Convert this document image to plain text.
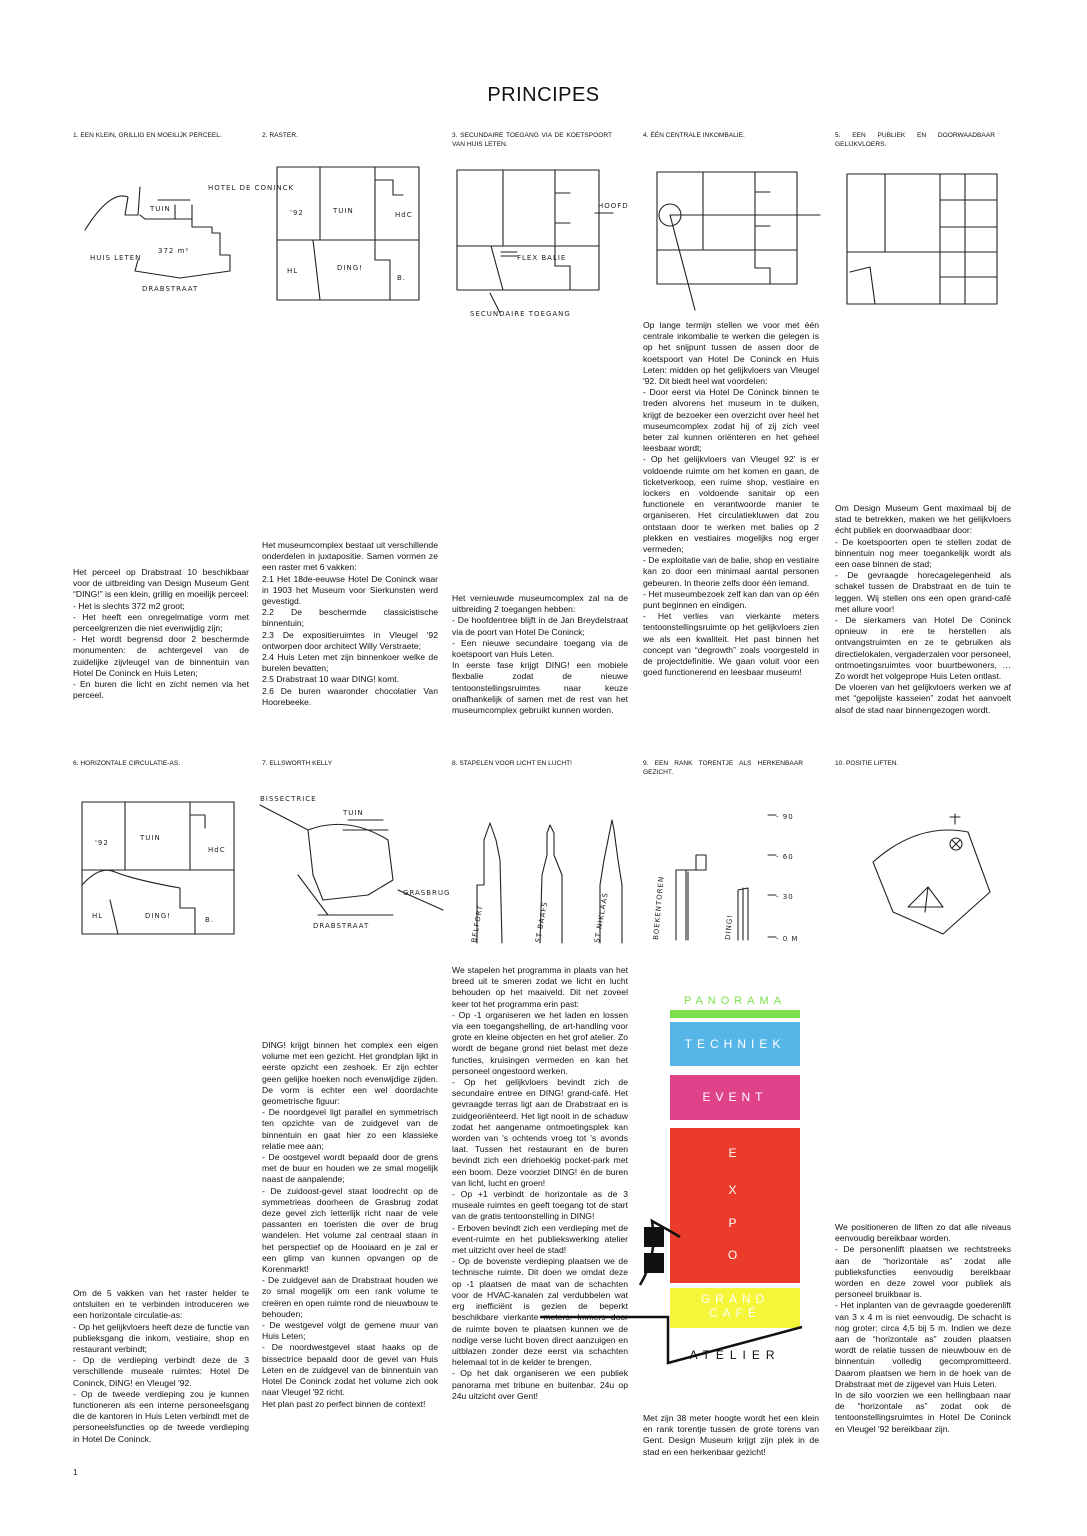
PRINCIPES
1. EEN KLEIN, GRILLIG EN MOEILIJK PERCEEL.	2. RASTER.	3. SECUNDAIRE TOEGANG VIA DE KOETSPOORT VAN HUIS LETEN.
4. ÉÉN CENTRALE INKOMBALIE.	5. EEN PUBLIEK EN DOORWAADBAAR GELIJKVLOERS.
TUIN
HOTEL DE CONINCK
HUIS LETEN
372 m²
DRABSTRAAT
'92	TUIN	HdC
HL	DING!
B.
HOOFD
FLEX BALIE
SECUNDAIRE TOEGANG

Het perceel op Drabstraat 10 beschikbaar voor de uitbreiding van Design Museum Gent “DING!” is een klein, grillig en moeilijk perceel:

- Het is slechts 372 m2 groot;

- Het heeft een onregelmatige vorm met perceelgrenzen die niet evenwijdig zijn;

- Het wordt begrensd door 2 beschermde monumenten: de achtergevel van de zuidelijke zijvleugel van de binnentuin van Hotel De Coninck en Huis Leten;

- En buren die licht en zicht nemen via het perceel.

Het museumcomplex bestaat uit verschillende onderdelen in juxtapositie. Samen vormen ze een raster met 6 vakken:

2.1 Het 18de-eeuwse Hotel De Coninck waar in 1903 het Museum voor Sierkunsten werd gevestigd.

2.2 De beschermde classicistische binnentuin;

2.3 De expositieruimtes in Vleugel '92 ontworpen door architect Willy Verstraete;

2.4 Huis Leten met zijn binnenkoer welke de burelen bevatten;

2.5 Drabstraat 10 waar DING! komt.

2.6 De buren waaronder chocolatier Van Hoorebeeke.

Het vernieuwde museumcomplex zal na de uitbreiding 2 toegangen hebben:

- De hoofdentree blijft in de Jan Breydelstraat via de poort van Hotel De Coninck;

- Een nieuwe secundaire toegang via de koetspoort van Huis Leten.

In eerste fase krijgt DING! een mobiele flexbalie zodat de nieuwe tentoonstellingsruimtes naar keuze onafhankelijk of samen met de rest van het museumcomplex gebruikt kunnen worden.

Op lange termijn stellen we voor met één centrale inkombalie te werken die gelegen is op het snijpunt tussen de assen door de koetspoort van Hotel De Coninck en Huis Leten: midden op het gelijkvloers van Vleugel '92. Dit biedt heel wat voordelen:

- Door eerst via Hotel De Coninck binnen te treden alvorens het museum in te duiken, krijgt de bezoeker een overzicht over heel het museumcomplex zodat hij of zij zich veel beter zal kunnen oriënteren en het geheel leesbaar wordt;

- Op het gelijkvloers van Vleugel 92' is er voldoende ruimte om het komen en gaan, de ticketverkoop, een ruime shop, vestiaire en lockers en voldoende sanitair op een functionele en verantwoorde manier te organiseren. Het circulatiekluwen dat zou ontstaan door te werken met balies op 2 plekken en vestiaires mogelijks nog erger vermeden;

- De exploitatie van de balie, shop en vestiaire kan zo door een minimaal aantal personen gebeuren. In theorie zelfs door één iemand.

- Het museumbezoek zelf kan dan van op één punt beginnen en eindigen.

- Het verlies van vierkante meters tentoonstellingsruimte op het gelijkvloers zien we als een kwaliteit. Het past binnen het concept van “degrowth” zoals voorgesteld in de projectdefinitie. We gaan voluit voor een goed functionerend en leesbaar museum!

Om Design Museum Gent maximaal bij de stad te betrekken, maken we het gelijkvloers écht publiek en doorwaadbaar door:

- De koetspoorten open te stellen zodat de binnentuin nog meer toegankelijk wordt als een oase binnen de stad;

- De gevraagde horecagelegenheid als schakel tussen de Drabstraat en de tuin te leggen. Wij stellen ons een open grand-café met allure voor!

- De sierkamers van Hotel De Coninck opnieuw in ere te herstellen als ontvangstruimten en ze te gebruiken als directielokalen, vergaderzalen voor personeel, ontmoetingsruimtes voor buurtbewoners, … Zo wordt het volgeprope Huis Leten ontlast.

De vloeren van het gelijkvloers werken we af met “gepolijste kasseien” zodat het aanvoelt alsof de stad naar binnengezogen wordt.

6. HORIZONTALE CIRCULATIE-AS.	7. ELLSWORTH KELLY	8. STAPELEN VOOR LICHT EN LUCHT!	9. EEN RANK TORENTJE ALS HERKENBAAR GEZICHT.
10. POSITIE LIFTEN.
'92
TUIN
HdC
HL	DING!	B.
BISSECTRICE
TUIN
GRASBRUG
DRABSTRAAT	BELFORT	ST BAAFS	ST NIKLAAS	BOEKENTOREN	DING!
- 90
- 60
- 30
- 0 M

Om de 5 vakken van het raster helder te ontsluiten en te verbinden introduceren we een horizontale circulatie-as:

- Op het gelijkvloers heeft deze de functie van publieksgang die inkom, vestiaire, shop en restaurant verbindt;

- Op de verdieping verbindt deze de 3 verschillende museale ruimtes: Hotel De Coninck, DING! en Vleugel '92.

- Op de tweede verdieping zou je kunnen functioneren als een interne personeelsgang die de kantoren in Huis Leten verbindt met de personeelsfuncties op de tweede verdieping in Hotel De Coninck.

DING! krijgt binnen het complex een eigen volume met een gezicht. Het grondplan lijkt in eerste opzicht een zeshoek. Er zijn echter geen gelijke hoeken noch evenwijdige zijden. De vorm is echter een wel doordachte geometrische figuur:

- De noordgevel ligt parallel en symmetrisch ten opzichte van de zuidgevel van de binnentuin en gaat hier zo een klassieke relatie mee aan;

- De oostgevel wordt bepaald door de grens met de buur en houden we ze smal mogelijk naast de aanpalende;

- De zuidoost-gevel staat loodrecht op de symmetrieas doorheen de Grasbrug zodat deze gevel zich letterlijk richt naar de vele passanten en toeristen die over de brug wandelen. Het volume zal centraal staan in het perspectief op de Hooiaard en je zal er een glimp van kunnen opvangen op de Korenmarkt!

- De zuidgevel aan de Drabstraat houden we zo smal mogelijk om een rank volume te creëren en open ruimte rond de nieuwbouw te behouden;

- De westgevel volgt de gemene muur van Huis Leten;

- De noordwestgevel staat haaks op de bissectrice bepaald door de gevel van Huis Leten en de zuidgevel van de binnentuin van Hotel De Coninck zodat het volume zich ook naar Vleugel '92 richt.

Het plan past zo perfect binnen de context!

We stapelen het programma in plaats van het breed uit te smeren zodat we licht en lucht behouden op het maaiveld. Dit net zoveel keer tot het programma erin past:

- Op -1 organiseren we het laden en lossen via een toegangshelling, de art-handling voor grote en kleine objecten en het grof atelier. Zo wordt de begane grond niet belast met deze functies, kruisingen vermeden en kan het personeel ongestoord werken.

- Op het gelijkvloers bevindt zich de secundaire entree en DING! grand-café. Het gevraagde terras ligt aan de Drabstraat en is zuidgeoriënteerd. Het ligt nooit in de schaduw zodat het aangename ontmoetingsplek kan worden van 's ochtends vroeg tot 's avonds laat. Tussen het restaurant en de buren bevindt zich een driehoekig pocket-park met een boom. Deze voorziet DING! én de buren van licht, lucht en groen!

- Op +1 verbindt de horizontale as de 3 museale ruimtes en geeft toegang tot de start van de gratis tentoonstelling in DING!

- Erboven bevindt zich een verdieping met de event-ruimte en het publiekswerking atelier met uitzicht over heel de stad!

- Op de bovenste verdieping plaatsen we de technische ruimte. Dit doen we omdat deze op -1 plaatsen de maat van de schachten voor de HVAC-kanalen zal verdubbelen wat erg inefficiënt is gezien de beperkt beschikbare vierkante meters. Immers door de ruimte boven te plaatsen kunnen we de nodige verse lucht boven direct aanzuigen en uitblazen zonder deze eerst via schachten helemaal tot in de kelder te brengen.

- Op het dak organiseren we een publiek panorama met tribune en buitenbar. 24u op 24u uitzicht over Gent!

Met zijn 38 meter hoogte wordt het een klein en rank torentje tussen de grote torens van Gent. Design Museum krijgt zijn plek in de stad en een herkenbaar gezicht!

We positioneren de liften zo dat alle niveaus eenvoudig bereikbaar worden.

- De personenlift plaatsen we rechtstreeks aan de “horizontale as” zodat alle publieksfuncties eenvoudig bereikbaar worden en deze zowel voor publiek als personeel bruikbaar is.

- Het inplanten van de gevraagde goederenlift van 3 x 4 m is niet eenvoudig. De schacht is nog groter: circa 4,5 bij 5 m. Indien we deze aan de “horizontale as” zouden plaatsen wordt de relatie tussen de nieuwbouw en de binnentuin volledig gecompromitteerd. Daarom plaatsen we hem in de hoek van de Drabstraat met de zijgevel van Huis Leten.

In de silo voorzien we een hellingbaan naar de “horizontale as” zodat ook de tentoonstellingsruimtes in Hotel De Coninck en Vleugel '92 bereikbaar zijn.

PANORAMA
TECHNIEK
EVENT
E
X
P
O
GRAND
CAFÉ
ATELIER
1
